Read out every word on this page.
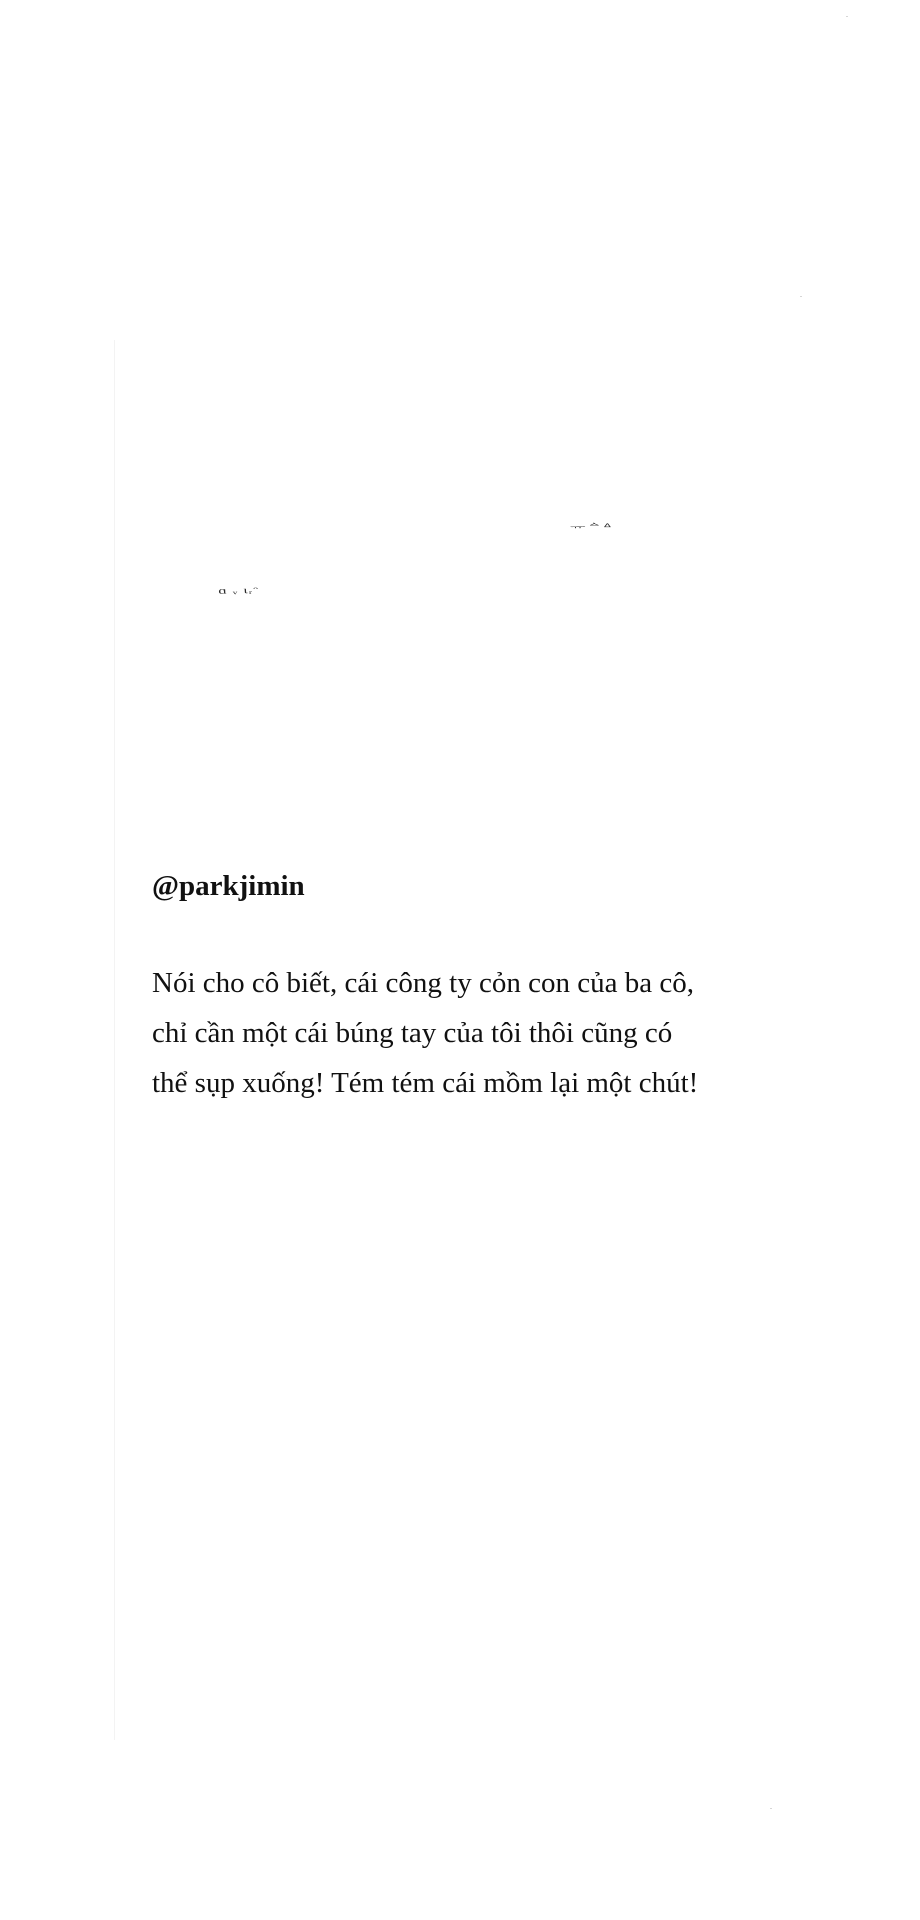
ᅲᅀᐞ
ɑ ᵥ ɩᵣᵔ
@parkjimin

Nói cho cô biết, cái công ty cỏn con của ba cô,

chỉ cần một cái búng tay của tôi thôi cũng có

thể sụp xuống! Tém tém cái mồm lại một chút!
